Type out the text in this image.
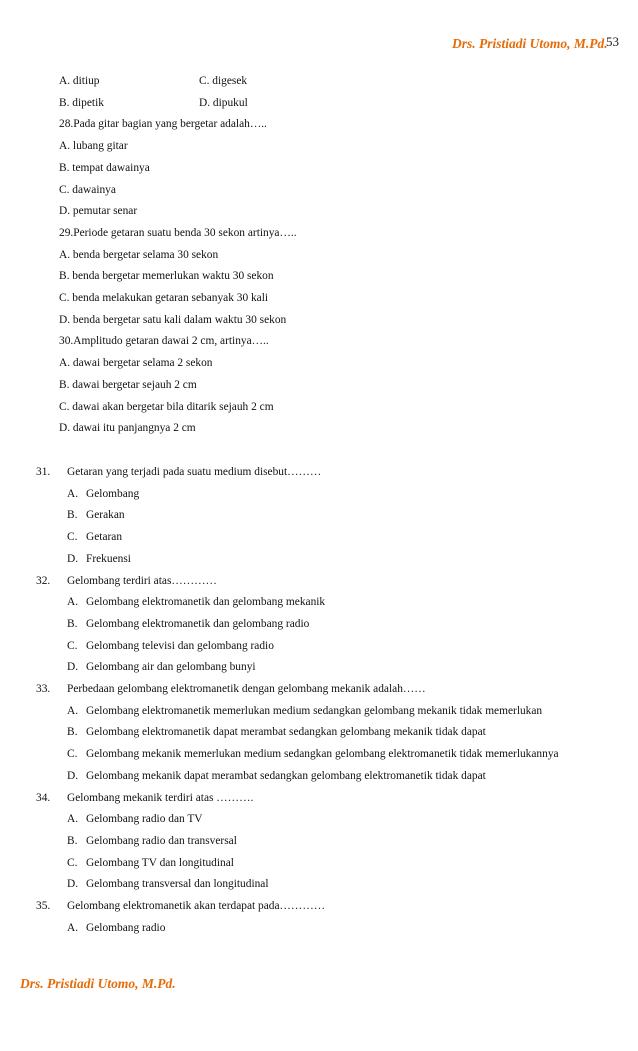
Drs. Pristiadi Utomo, M.Pd.
53
A. ditiup	C. digesek
B. dipetik	D. dipukul
28.Pada gitar bagian yang bergetar adalah…..
A. lubang gitar
B. tempat dawainya
C. dawainya
D. pemutar senar
29.Periode getaran suatu benda 30 sekon artinya…..
A. benda bergetar selama 30 sekon
B. benda bergetar memerlukan waktu 30 sekon
C. benda melakukan getaran sebanyak 30 kali
D. benda bergetar satu kali dalam waktu 30 sekon
30.Amplitudo getaran dawai 2 cm, artinya…..
A. dawai bergetar selama 2 sekon
B. dawai bergetar sejauh 2 cm
C. dawai akan bergetar bila ditarik sejauh 2 cm
D. dawai itu panjangnya 2 cm
31. Getaran yang terjadi pada suatu medium disebut………
A. Gelombang
B. Gerakan
C. Getaran
D. Frekuensi
32. Gelombang terdiri atas…………
A. Gelombang elektromanetik dan gelombang mekanik
B. Gelombang elektromanetik dan gelombang radio
C. Gelombang televisi dan gelombang radio
D. Gelombang air dan gelombang bunyi
33. Perbedaan gelombang elektromanetik dengan gelombang mekanik adalah……
A. Gelombang elektromanetik memerlukan medium sedangkan gelombang mekanik tidak memerlukan
B. Gelombang elektromanetik dapat merambat sedangkan gelombang mekanik tidak dapat
C. Gelombang mekanik memerlukan medium sedangkan gelombang elektromanetik tidak memerlukannya
D. Gelombang mekanik dapat merambat sedangkan gelombang elektromanetik tidak dapat
34. Gelombang mekanik terdiri atas ……….
A. Gelombang radio dan TV
B. Gelombang radio dan transversal
C. Gelombang TV dan longitudinal
D. Gelombang transversal dan longitudinal
35. Gelombang elektromanetik akan terdapat pada…………
A. Gelombang radio
Drs. Pristiadi Utomo, M.Pd.
